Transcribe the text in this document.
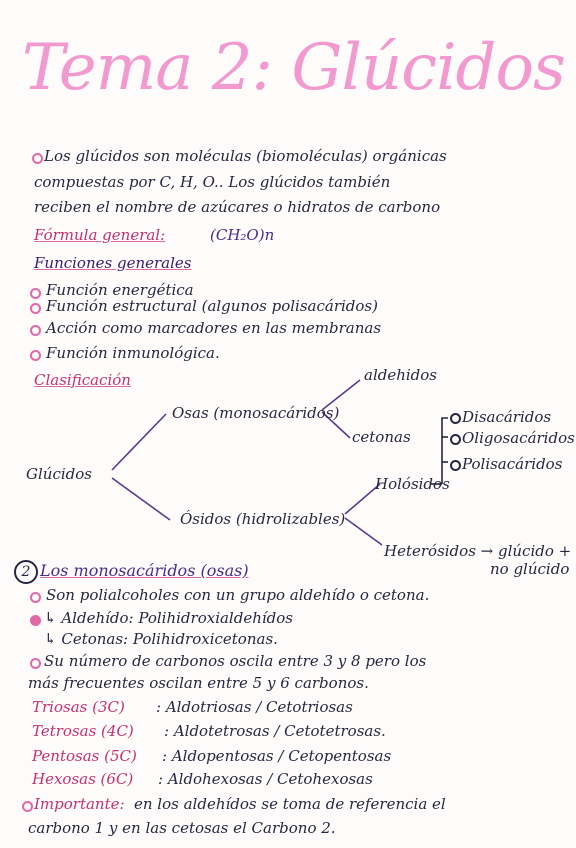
Tema 2: Glúcidos
Los glúcidos son moléculas (biomoléculas) orgánicas
compuestas por C, H, O.. Los glúcidos también
reciben el nombre de azúcares o hidratos de carbono
Fórmula general:	(CH₂O)n
Funciones generales
Función energética
Función estructural (algunos polisacáridos)
Acción como marcadores en las membranas
Función inmunológica.
Clasificación
Glúcidos
Osas (monosacáridos)
aldehidos
cetonas
Ósidos (hidrolizables)
Holósidos
Disacáridos
Oligosacáridos
Polisacáridos
Heterósidos → glúcido +
no glúcido
2 Los monosacáridos (osas)
Son polialcoholes con un grupo aldehído o cetona.
↳ Aldehído: Polihidroxialdehídos
↳ Cetonas: Polihidroxicetonas.
Su número de carbonos oscila entre 3 y 8 pero los
más frecuentes oscilan entre 5 y 6 carbonos.
Triosas (3C) : Aldotriosas / Cetotriosas
Tetrosas (4C) : Aldotetrosas / Cetotetrosas.
Pentosas (5C) : Aldopentosas / Cetopentosas
Hexosas (6C) : Aldohexosas / Cetohexosas
Importante: en los aldehídos se toma de referencia el
carbono 1 y en las cetosas el Carbono 2.
